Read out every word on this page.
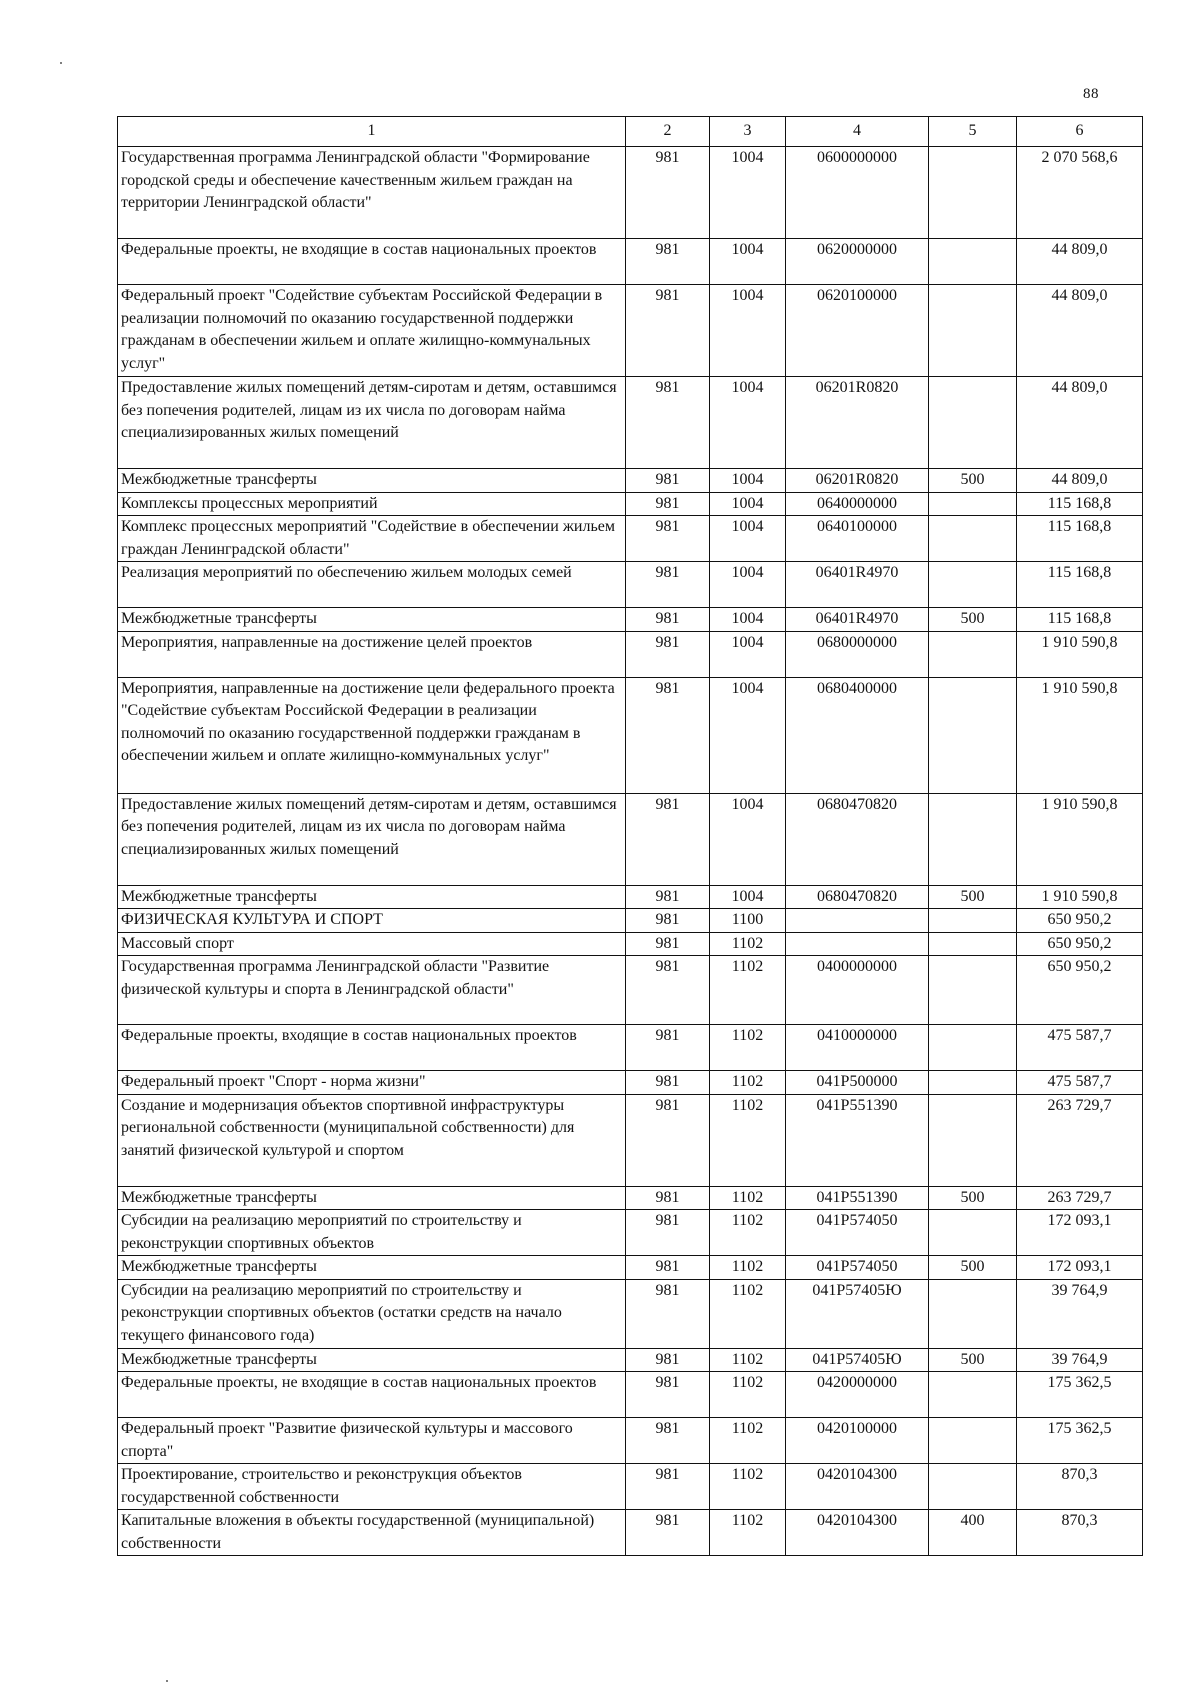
88
1	2	3	4	5	6
Государственная программа Ленинградской области "Формирование городской среды и обеспечение качественным жильем граждан на территории Ленинградской области"	981	1004	0600000000		2 070 568,6
Федеральные проекты, не входящие в состав национальных проектов	981	1004	0620000000		44 809,0
Федеральный проект "Содействие субъектам Российской Федерации в реализации полномочий по оказанию государственной поддержки гражданам в обеспечении жильем и оплате жилищно-коммунальных услуг"	981	1004	0620100000		44 809,0
Предоставление жилых помещений детям-сиротам и детям, оставшимся без попечения родителей, лицам из их числа по договорам найма специализированных жилых помещений	981	1004	06201R0820		44 809,0
Межбюджетные трансферты	981	1004	06201R0820	500	44 809,0
Комплексы процессных мероприятий	981	1004	0640000000		115 168,8
Комплекс процессных мероприятий "Содействие в обеспечении жильем граждан Ленинградской области"	981	1004	0640100000		115 168,8
Реализация мероприятий по обеспечению жильем молодых семей	981	1004	06401R4970		115 168,8
Межбюджетные трансферты	981	1004	06401R4970	500	115 168,8
Мероприятия, направленные на достижение целей проектов	981	1004	0680000000		1 910 590,8
Мероприятия, направленные на достижение цели федерального проекта "Содействие субъектам Российской Федерации в реализации полномочий по оказанию государственной поддержки гражданам в обеспечении жильем и оплате жилищно-коммунальных услуг"	981	1004	0680400000		1 910 590,8
Предоставление жилых помещений детям-сиротам и детям, оставшимся без попечения родителей, лицам из их числа по договорам найма специализированных жилых помещений	981	1004	0680470820		1 910 590,8
Межбюджетные трансферты	981	1004	0680470820	500	1 910 590,8
ФИЗИЧЕСКАЯ КУЛЬТУРА И СПОРТ	981	1100			650 950,2
Массовый спорт	981	1102			650 950,2
Государственная программа Ленинградской области "Развитие физической культуры и спорта в Ленинградской области"	981	1102	0400000000		650 950,2
Федеральные проекты, входящие в состав национальных проектов	981	1102	0410000000		475 587,7
Федеральный проект "Спорт - норма жизни"	981	1102	041P500000		475 587,7
Создание и модернизация объектов спортивной инфраструктуры региональной собственности (муниципальной собственности) для занятий физической культурой и спортом	981	1102	041P551390		263 729,7
Межбюджетные трансферты	981	1102	041P551390	500	263 729,7
Субсидии на реализацию мероприятий по строительству и реконструкции спортивных объектов	981	1102	041P574050		172 093,1
Межбюджетные трансферты	981	1102	041P574050	500	172 093,1
Субсидии на реализацию мероприятий по строительству и реконструкции спортивных объектов (остатки средств на начало текущего финансового года)	981	1102	041P57405Ю		39 764,9
Межбюджетные трансферты	981	1102	041P57405Ю	500	39 764,9
Федеральные проекты, не входящие в состав национальных проектов	981	1102	0420000000		175 362,5
Федеральный проект "Развитие физической культуры и массового спорта"	981	1102	0420100000		175 362,5
Проектирование, строительство и реконструкция объектов государственной собственности	981	1102	0420104300		870,3
Капитальные вложения в объекты государственной (муниципальной) собственности	981	1102	0420104300	400	870,3
